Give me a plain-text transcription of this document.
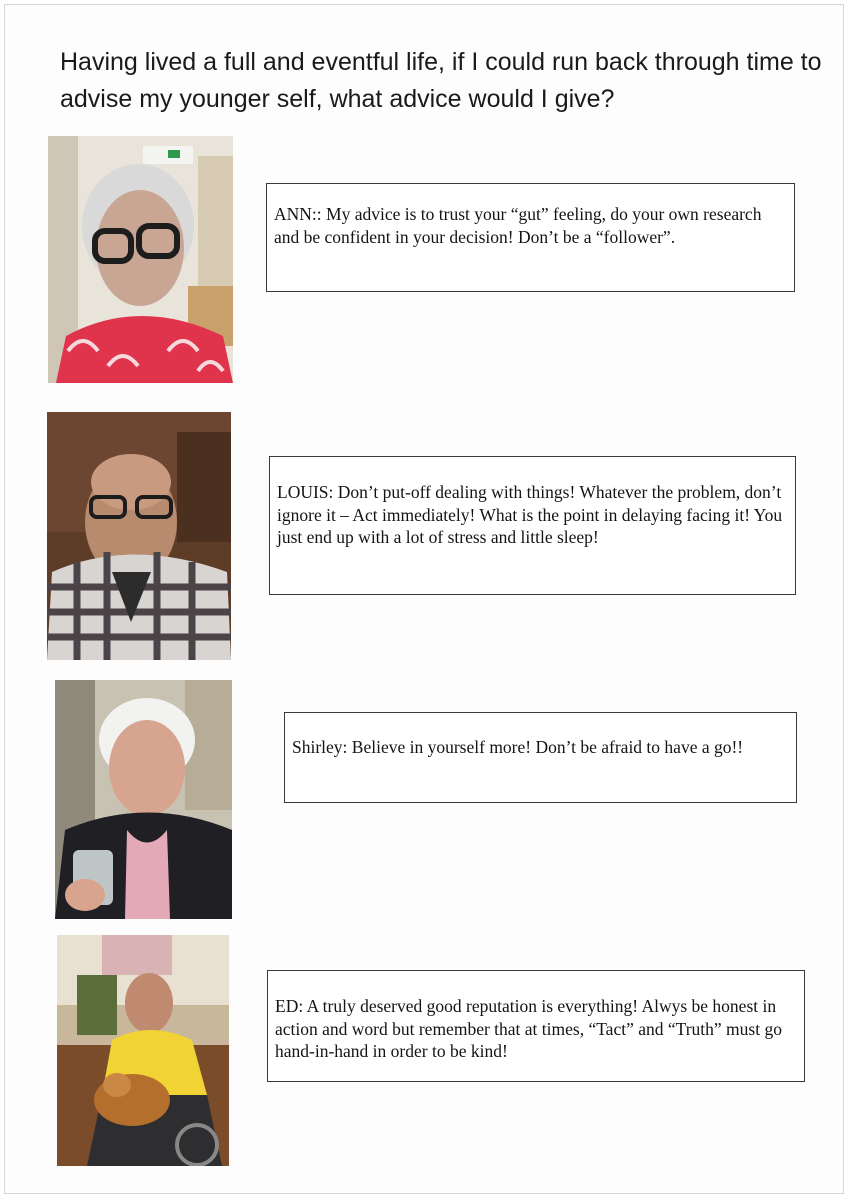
Having lived a full and eventful life, if I could run back through time to advise my younger self, what advice would I give?

ANN:: My advice is to trust your “gut” feeling, do your own research and be confident in your decision! Don’t be a “follower”.

LOUIS: Don’t put-off dealing with things! Whatever the problem, don’t ignore it – Act immediately! What is the point in delaying facing it! You just end up with a lot of stress and little sleep!

Shirley: Believe in yourself more! Don’t be afraid to have a go!!

ED: A truly deserved good reputation is everything! Alwys be honest in action and word but remember that at times, “Tact” and “Truth” must go hand-in-hand in order to be kind!
